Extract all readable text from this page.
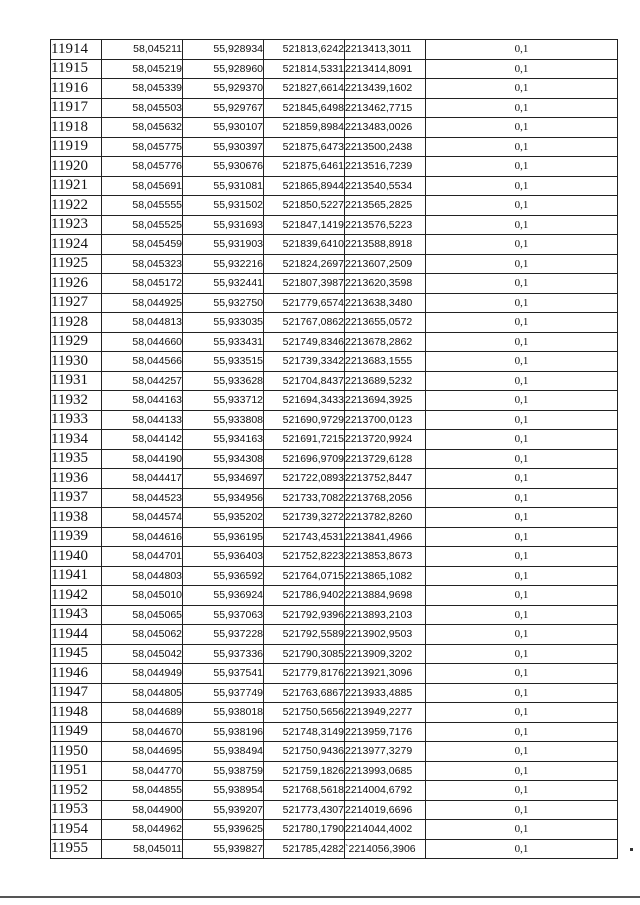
11914	58,045211	55,928934	521813,6242	2213413,3011	0,1
11915	58,045219	55,928960	521814,5331	2213414,8091	0,1
11916	58,045339	55,929370	521827,6614	2213439,1602	0,1
11917	58,045503	55,929767	521845,6498	2213462,7715	0,1
11918	58,045632	55,930107	521859,8984	2213483,0026	0,1
11919	58,045775	55,930397	521875,6473	2213500,2438	0,1
11920	58,045776	55,930676	521875,6461	2213516,7239	0,1
11921	58,045691	55,931081	521865,8944	2213540,5534	0,1
11922	58,045555	55,931502	521850,5227	2213565,2825	0,1
11923	58,045525	55,931693	521847,1419	2213576,5223	0,1
11924	58,045459	55,931903	521839,6410	2213588,8918	0,1
11925	58,045323	55,932216	521824,2697	2213607,2509	0,1
11926	58,045172	55,932441	521807,3987	2213620,3598	0,1
11927	58,044925	55,932750	521779,6574	2213638,3480	0,1
11928	58,044813	55,933035	521767,0862	2213655,0572	0,1
11929	58,044660	55,933431	521749,8346	2213678,2862	0,1
11930	58,044566	55,933515	521739,3342	2213683,1555	0,1
11931	58,044257	55,933628	521704,8437	2213689,5232	0,1
11932	58,044163	55,933712	521694,3433	2213694,3925	0,1
11933	58,044133	55,933808	521690,9729	2213700,0123	0,1
11934	58,044142	55,934163	521691,7215	2213720,9924	0,1
11935	58,044190	55,934308	521696,9709	2213729,6128	0,1
11936	58,044417	55,934697	521722,0893	2213752,8447	0,1
11937	58,044523	55,934956	521733,7082	2213768,2056	0,1
11938	58,044574	55,935202	521739,3272	2213782,8260	0,1
11939	58,044616	55,936195	521743,4531	2213841,4966	0,1
11940	58,044701	55,936403	521752,8223	2213853,8673	0,1
11941	58,044803	55,936592	521764,0715	2213865,1082	0,1
11942	58,045010	55,936924	521786,9402	2213884,9698	0,1
11943	58,045065	55,937063	521792,9396	2213893,2103	0,1
11944	58,045062	55,937228	521792,5589	2213902,9503	0,1
11945	58,045042	55,937336	521790,3085	2213909,3202	0,1
11946	58,044949	55,937541	521779,8176	2213921,3096	0,1
11947	58,044805	55,937749	521763,6867	2213933,4885	0,1
11948	58,044689	55,938018	521750,5656	2213949,2277	0,1
11949	58,044670	55,938196	521748,3149	2213959,7176	0,1
11950	58,044695	55,938494	521750,9436	2213977,3279	0,1
11951	58,044770	55,938759	521759,1826	2213993,0685	0,1
11952	58,044855	55,938954	521768,5618	2214004,6792	0,1
11953	58,044900	55,939207	521773,4307	2214019,6696	0,1
11954	58,044962	55,939625	521780,1790	2214044,4002	0,1
11955	58,045011	55,939827	521785,4282	`2214056,3906	0,1
